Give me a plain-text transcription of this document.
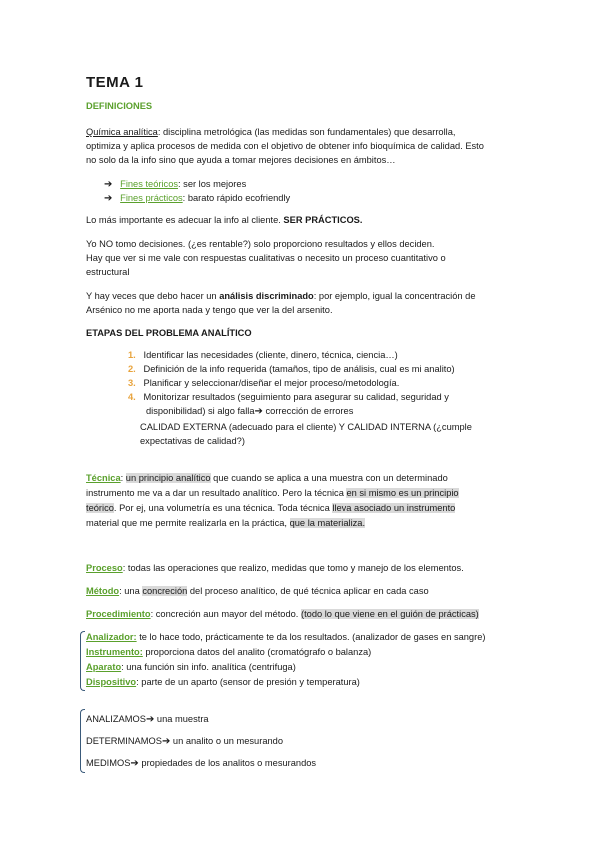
TEMA 1
DEFINICIONES
Química analítica: disciplina metrológica (las medidas son fundamentales) que desarrolla,
optimiza y aplica procesos de medida con el objetivo de obtener info bioquímica de calidad. Esto
no solo da la info sino que ayuda a tomar mejores decisiones en ámbitos…
➔ Fines teóricos: ser los mejores
➔ Fines prácticos: barato rápido ecofriendly
Lo más importante es adecuar la info al cliente. SER PRÁCTICOS.
Yo NO tomo decisiones. (¿es rentable?) solo proporciono resultados y ellos deciden.
Hay que ver si me vale con respuestas cualitativas o necesito un proceso cuantitativo o
estructural
Y hay veces que debo hacer un análisis discriminado: por ejemplo, igual la concentración de
Arsénico no me aporta nada y tengo que ver la del arsenito.
ETAPAS DEL PROBLEMA ANALÍTICO
1. Identificar las necesidades (cliente, dinero, técnica, ciencia…)
2. Definición de la info requerida (tamaños, tipo de análisis, cual es mi analito)
3. Planificar y seleccionar/diseñar el mejor proceso/metodología.
4. Monitorizar resultados (seguimiento para asegurar su calidad, seguridad y
disponibilidad) si algo falla➔ corrección de errores
CALIDAD EXTERNA (adecuado para el cliente) Y CALIDAD INTERNA (¿cumple
expectativas de calidad?)
Técnica: un principio analítico que cuando se aplica a una muestra con un determinado
instrumento me va a dar un resultado analítico. Pero la técnica en si mismo es un principio
teórico. Por ej, una volumetría es una técnica. Toda técnica lleva asociado un instrumento
material que me permite realizarla en la práctica, que la materializa.
Proceso: todas las operaciones que realizo, medidas que tomo y manejo de los elementos.
Método: una concreción del proceso analítico, de qué técnica aplicar en cada caso
Procedimiento: concreción aun mayor del método. (todo lo que viene en el guión de prácticas)
Analizador: te lo hace todo, prácticamente te da los resultados. (analizador de gases en sangre)
Instrumento: proporciona datos del analito (cromatógrafo o balanza)
Aparato: una función sin info. analítica (centrifuga)
Dispositivo: parte de un aparto (sensor de presión y temperatura)
ANALIZAMOS➔ una muestra
DETERMINAMOS➔ un analito o un mesurando
MEDIMOS➔ propiedades de los analitos o mesurandos
